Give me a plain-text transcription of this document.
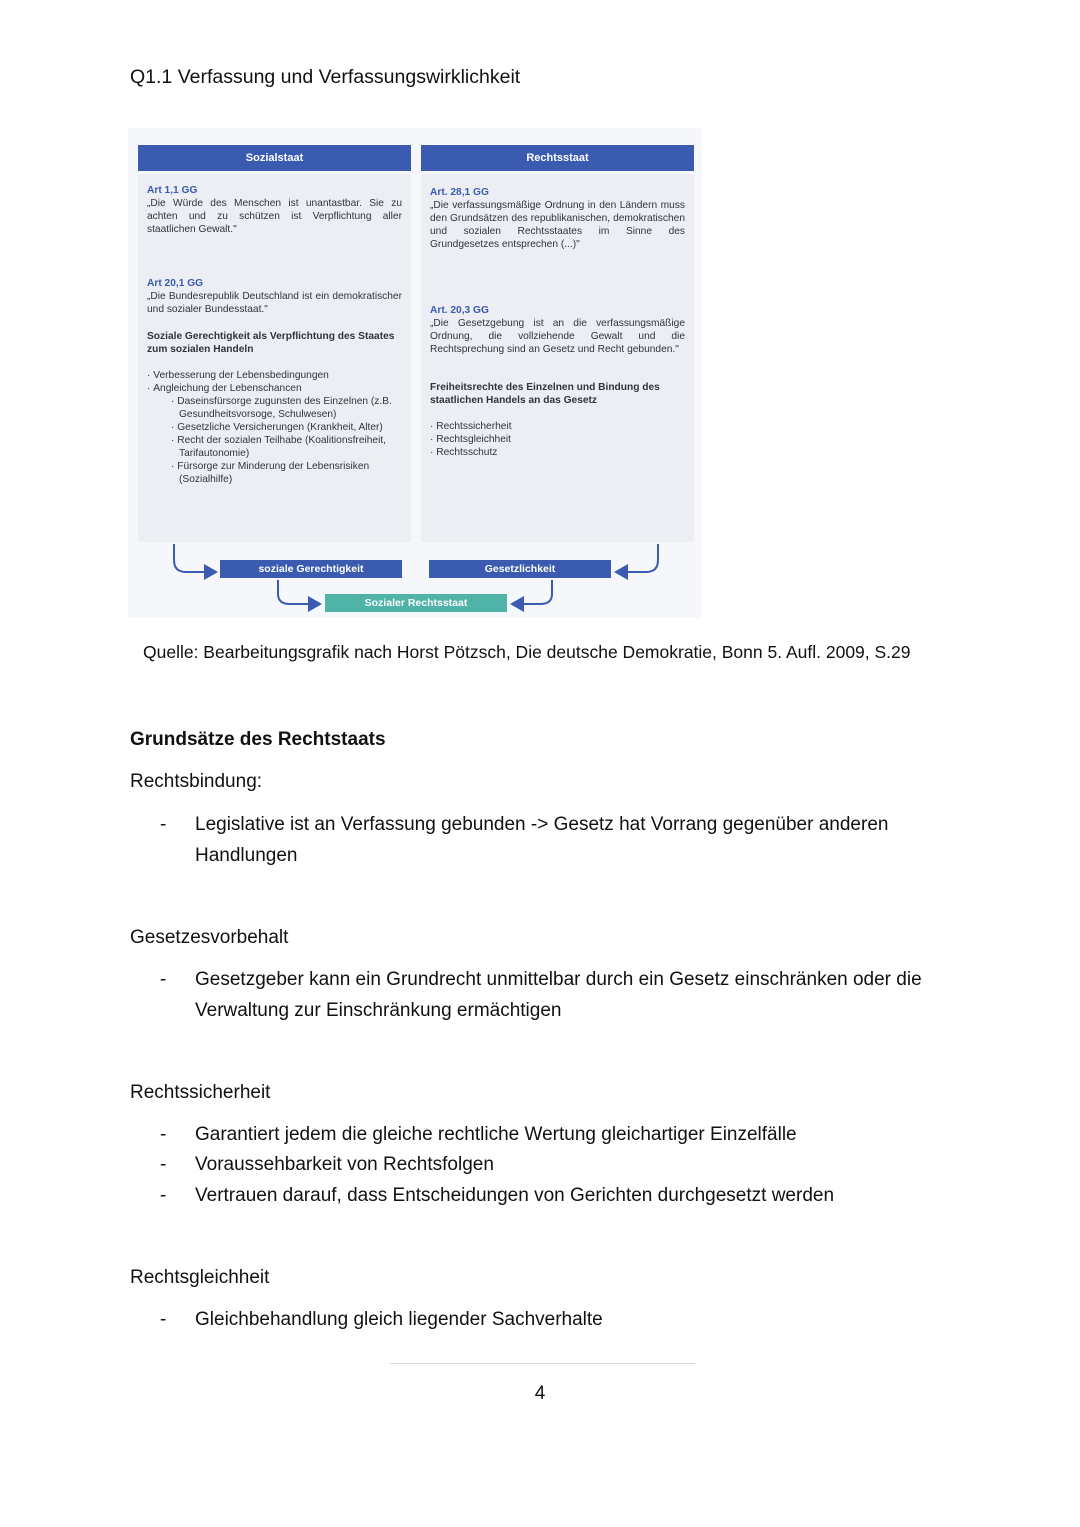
Q1.1 Verfassung und Verfassungswirklichkeit
Sozialstaat
Art 1,1 GG
„Die Würde des Menschen ist unantastbar. Sie zu achten und zu schützen ist Verpflichtung aller staatlichen Gewalt."
Art 20,1 GG
„Die Bundesrepublik Deutschland ist ein demokratischer und sozialer Bundesstaat."
Soziale Gerechtigkeit als Verpflichtung des Staates zum sozialen Handeln
· Verbesserung der Lebensbedingungen
· Angleichung der Lebenschancen
· Daseinsfürsorge zugunsten des Einzelnen (z.B. Gesundheitsvorsoge, Schulwesen)
· Gesetzliche Versicherungen (Krankheit, Alter)
· Recht der sozialen Teilhabe (Koalitionsfreiheit, Tarifautonomie)
· Fürsorge zur Minderung der Lebensrisiken (Sozialhilfe)
Rechtsstaat
Art. 28,1 GG
„Die verfassungsmäßige Ordnung in den Ländern muss den Grundsätzen des republikanischen, demokratischen und sozialen Rechtsstaates im Sinne des Grundgesetzes entsprechen (...)"
Art. 20,3 GG
„Die Gesetzgebung ist an die verfassungsmäßige Ordnung, die vollziehende Gewalt und die Rechtsprechung sind an Gesetz und Recht gebunden."
Freiheitsrechte des Einzelnen und Bindung des staatlichen Handels an das Gesetz
· Rechtssicherheit
· Rechtsgleichheit
· Rechtsschutz
soziale Gerechtigkeit	Gesetzlichkeit
Sozialer Rechtsstaat
Quelle: Bearbeitungsgrafik nach Horst Pötzsch, Die deutsche Demokratie, Bonn 5. Aufl. 2009, S.29
Grundsätze des Rechtstaats
Rechtsbindung:
- Legislative ist an Verfassung gebunden -> Gesetz hat Vorrang gegenüber anderen Handlungen
Gesetzesvorbehalt
- Gesetzgeber kann ein Grundrecht unmittelbar durch ein Gesetz einschränken oder die Verwaltung zur Einschränkung ermächtigen
Rechtssicherheit
- Garantiert jedem die gleiche rechtliche Wertung gleichartiger Einzelfälle
- Voraussehbarkeit von Rechtsfolgen
- Vertrauen darauf, dass Entscheidungen von Gerichten durchgesetzt werden
Rechtsgleichheit
- Gleichbehandlung gleich liegender Sachverhalte
4
